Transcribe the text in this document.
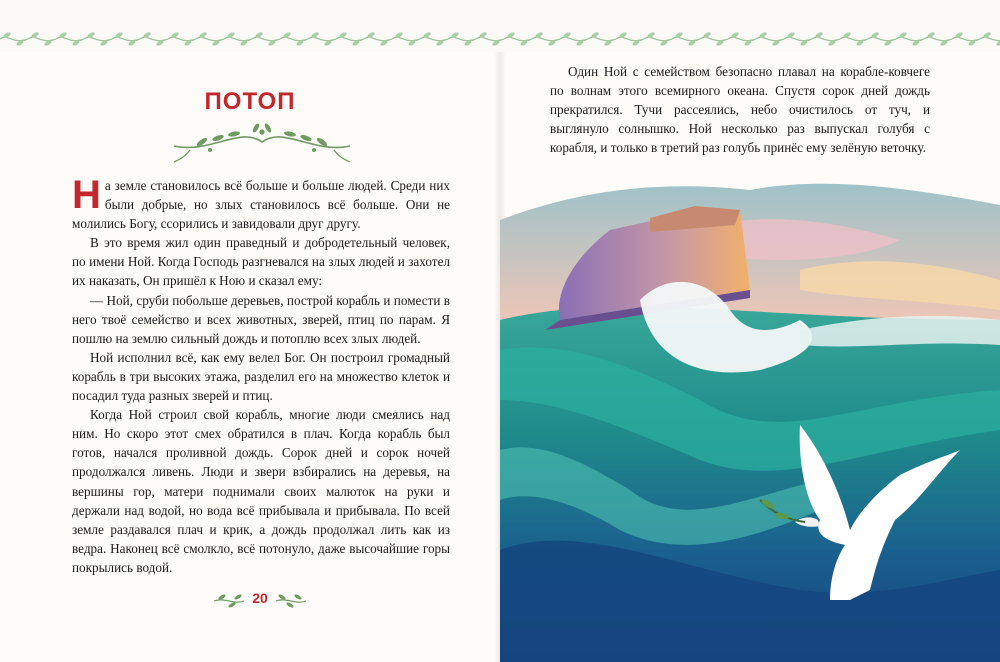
ПОТОП

На земле становилось всё больше и больше людей. Среди них были добрые, но злых становилось всё больше. Они не молились Богу, ссорились и завидовали друг другу.

В это время жил один праведный и добродетельный человек, по имени Ной. Когда Господь разгневался на злых людей и захотел их наказать, Он пришёл к Ною и сказал ему:

— Ной, сруби побольше деревьев, построй корабль и помести в него твоё семейство и всех животных, зверей, птиц по парам. Я пошлю на землю сильный дождь и потоплю всех злых людей.

Ной исполнил всё, как ему велел Бог. Он построил громадный корабль в три высоких этажа, разделил его на множество клеток и посадил туда разных зверей и птиц.

Когда Ной строил свой корабль, многие люди смеялись над ним. Но скоро этот смех обратился в плач. Когда корабль был готов, начался проливной дождь. Сорок дней и сорок ночей продолжался ливень. Люди и звери взбирались на деревья, на вершины гор, матери поднимали своих малюток на руки и держали над водой, но вода всё прибывала и прибывала. По всей земле раздавался плач и крик, а дождь продолжал лить как из ведра. Наконец всё смолкло, всё потонуло, даже высочайшие горы покрылись водой.

20

Один Ной с семейством безопасно плавал на корабле-ковчеге по волнам этого всемирного океана. Спустя сорок дней дождь прекратился. Тучи рассеялись, небо очистилось от туч, и выглянуло солнышко. Ной несколько раз выпускал голубя с корабля, и только в третий раз голубь принёс ему зелёную веточку.
